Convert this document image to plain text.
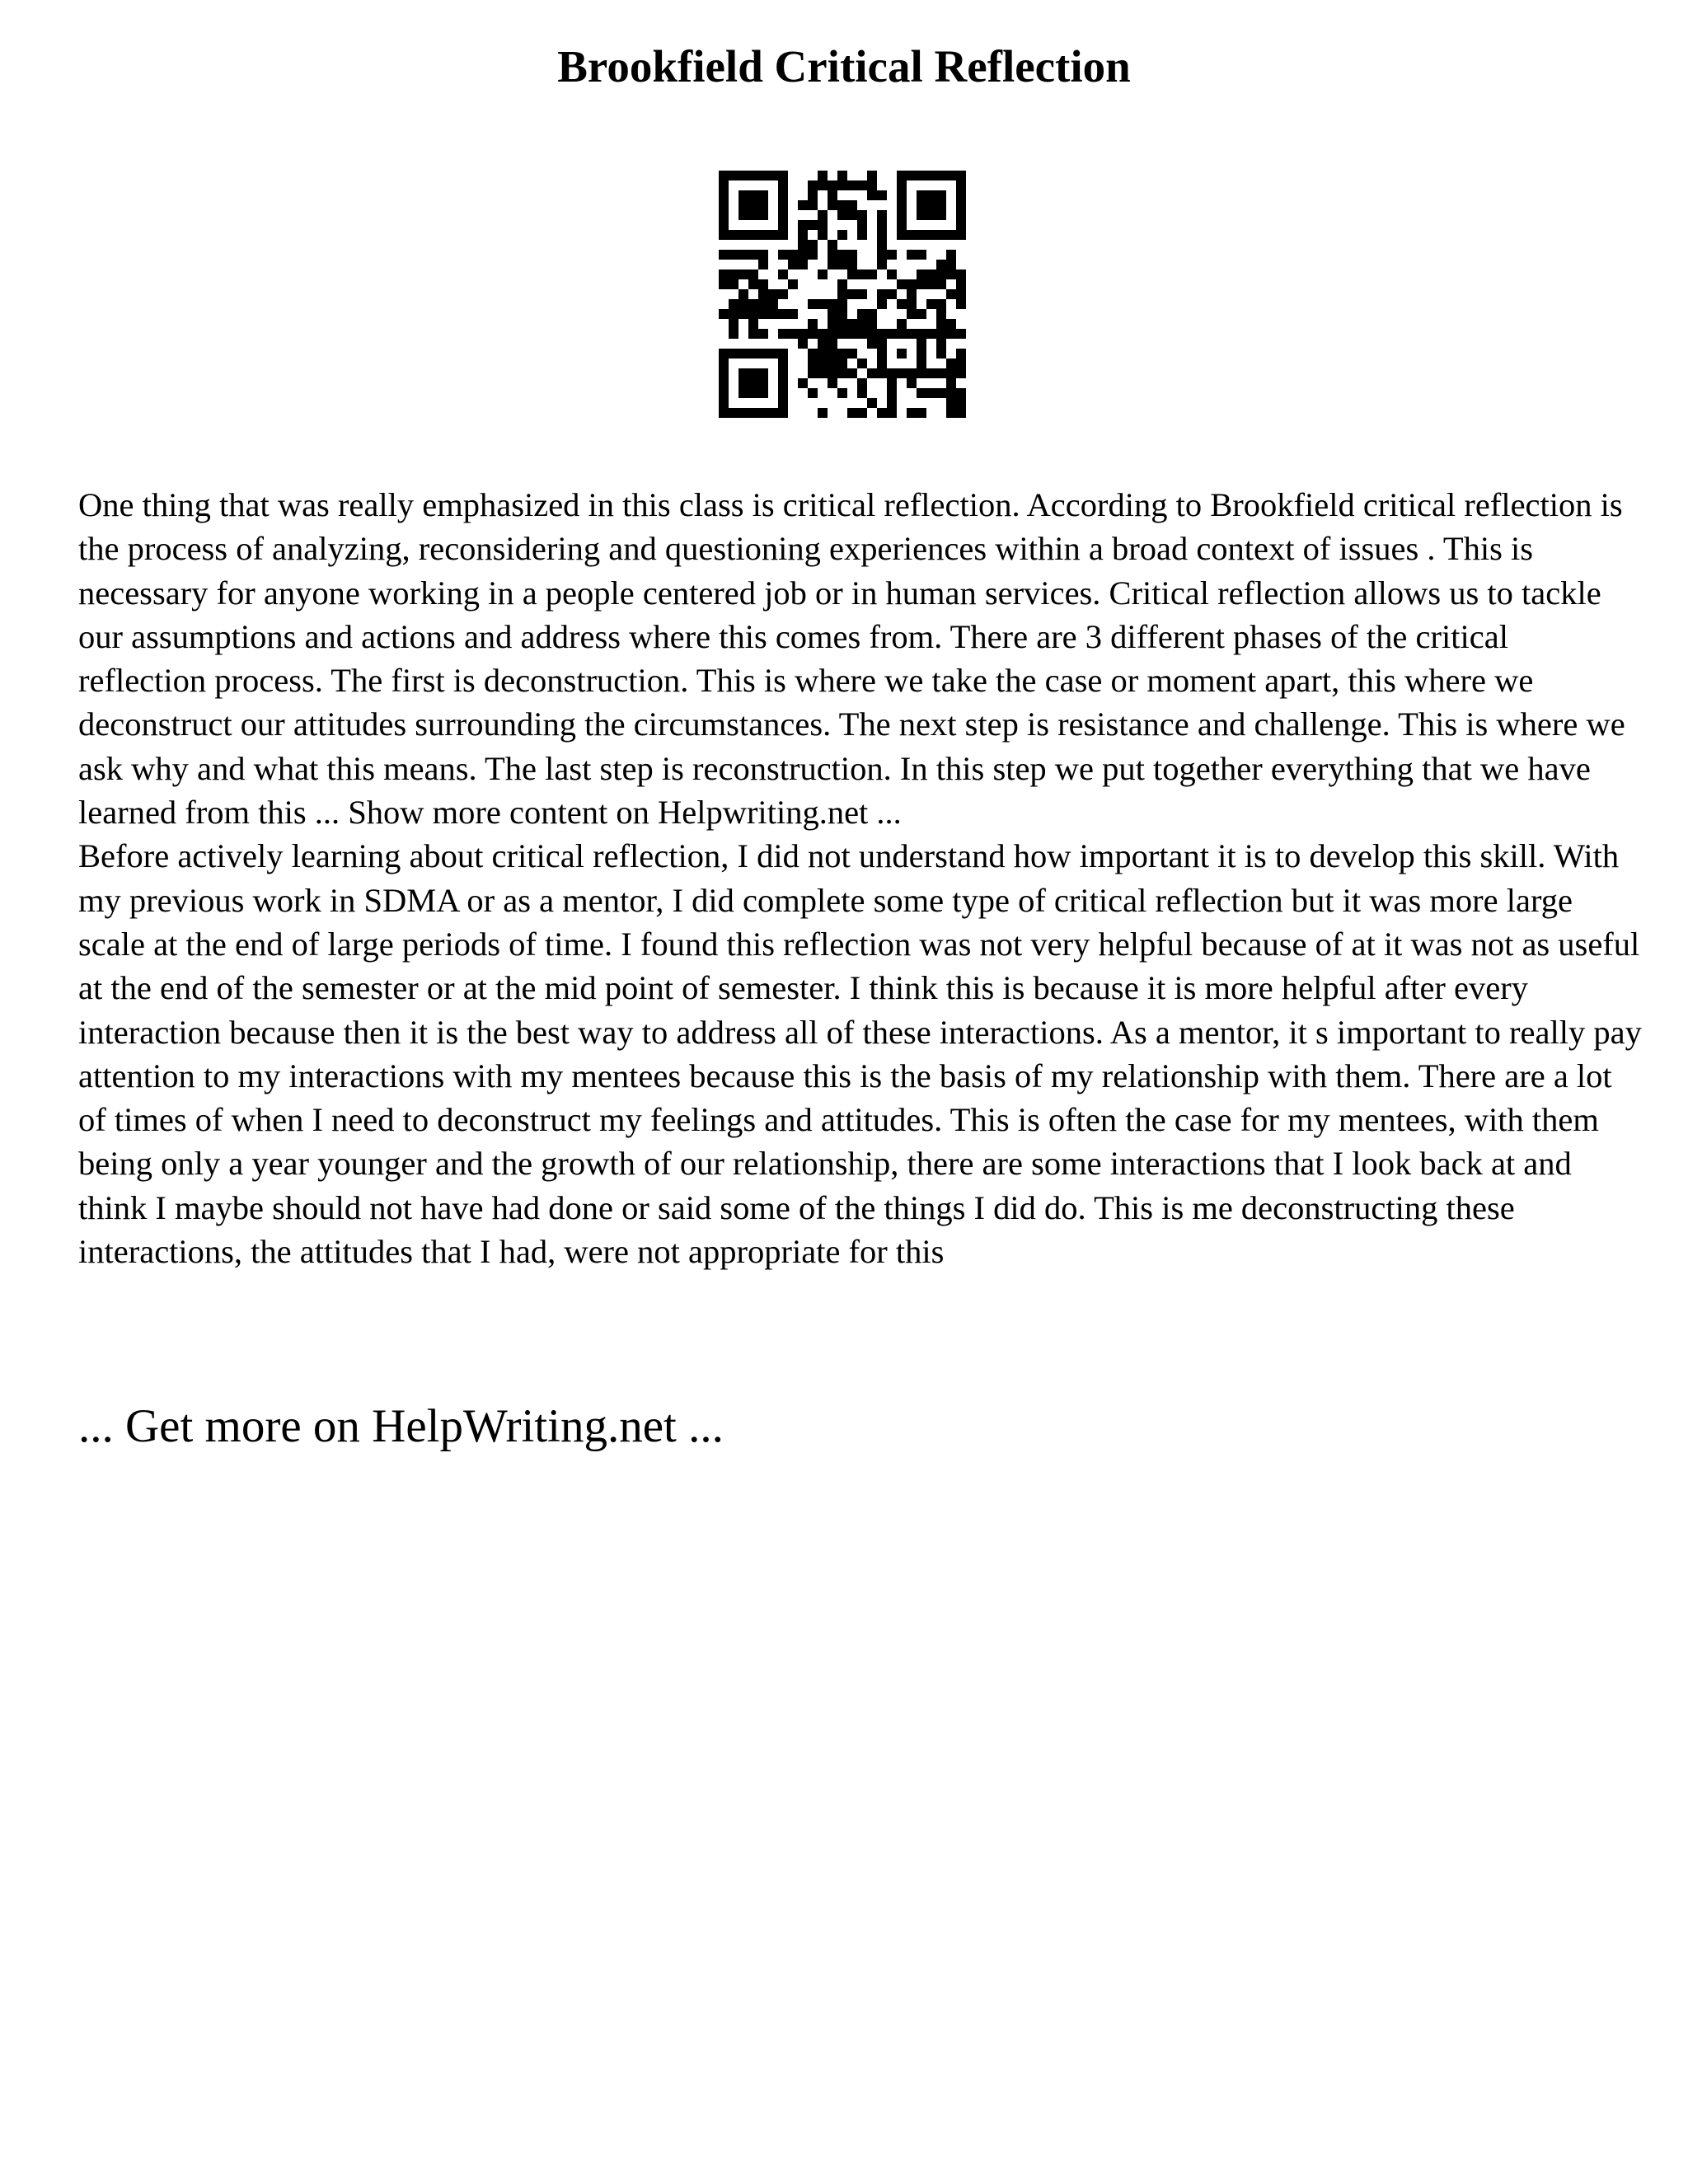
Brookfield Critical Reflection

One thing that was really emphasized in this class is critical reflection. According to Brookfield critical reflection is the process of analyzing, reconsidering and questioning experiences within a broad context of issues . This is necessary for anyone working in a people centered job or in human services. Critical reflection allows us to tackle our assumptions and actions and address where this comes from. There are 3 different phases of the critical reflection process. The first is deconstruction. This is where we take the case or moment apart, this where we deconstruct our attitudes surrounding the circumstances. The next step is resistance and challenge. This is where we ask why and what this means. The last step is reconstruction. In this step we put together everything that we have learned from this ... Show more content on Helpwriting.net ...

Before actively learning about critical reflection, I did not understand how important it is to develop this skill. With my previous work in SDMA or as a mentor, I did complete some type of critical reflection but it was more large scale at the end of large periods of time. I found this reflection was not very helpful because of at it was not as useful at the end of the semester or at the mid point of semester. I think this is because it is more helpful after every interaction because then it is the best way to address all of these interactions. As a mentor, it s important to really pay attention to my interactions with my mentees because this is the basis of my relationship with them. There are a lot of times of when I need to deconstruct my feelings and attitudes. This is often the case for my mentees, with them being only a year younger and the growth of our relationship, there are some interactions that I look back at and think I maybe should not have had done or said some of the things I did do. This is me deconstructing these interactions, the attitudes that I had, were not appropriate for this

... Get more on HelpWriting.net ...
